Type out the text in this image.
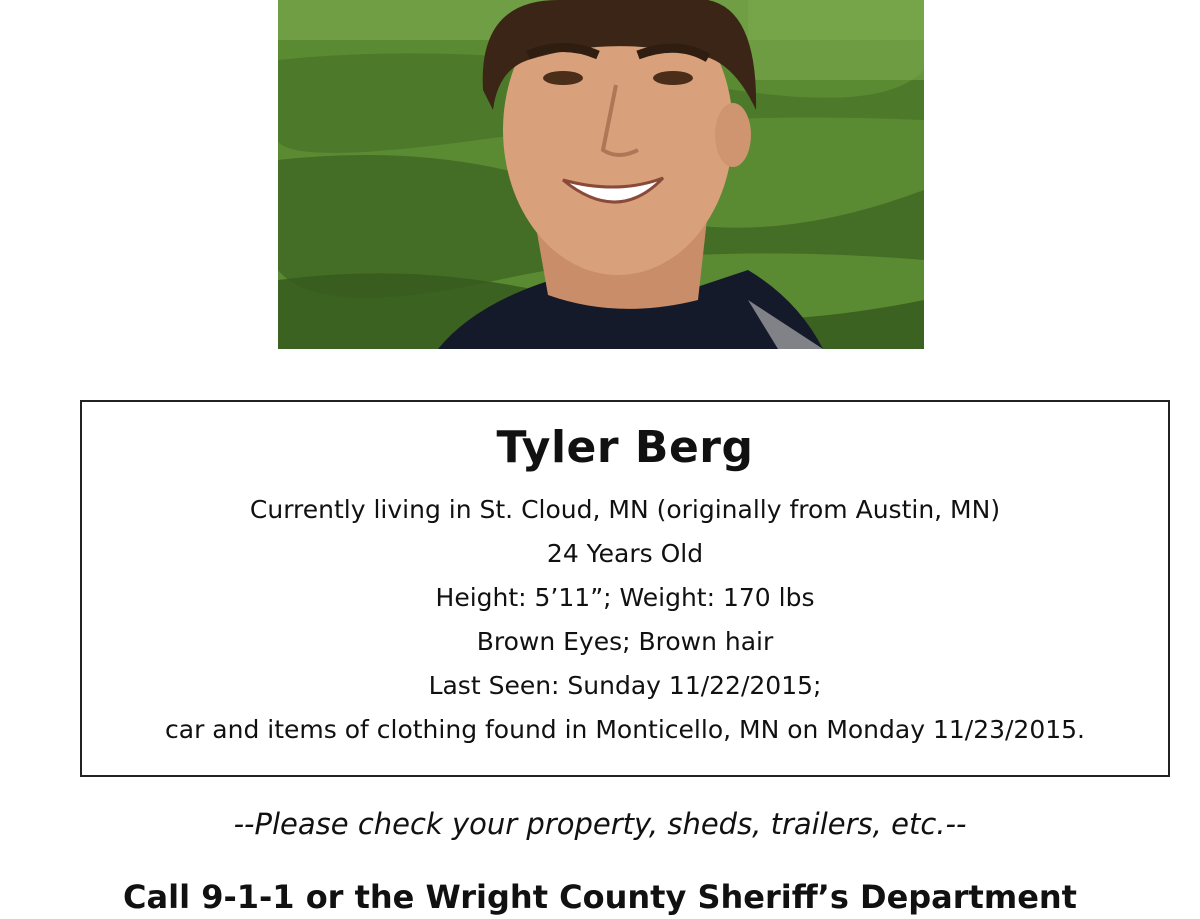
Tyler Berg

Currently living in St. Cloud, MN (originally from Austin, MN)

24 Years Old

Height: 5’11”; Weight: 170 lbs

Brown Eyes; Brown hair

Last Seen: Sunday 11/22/2015;

car and items of clothing found in Monticello, MN on Monday 11/23/2015.

--Please check your property, sheds, trailers, etc.--
Call 9-1-1 or the Wright County Sheriff’s Department
